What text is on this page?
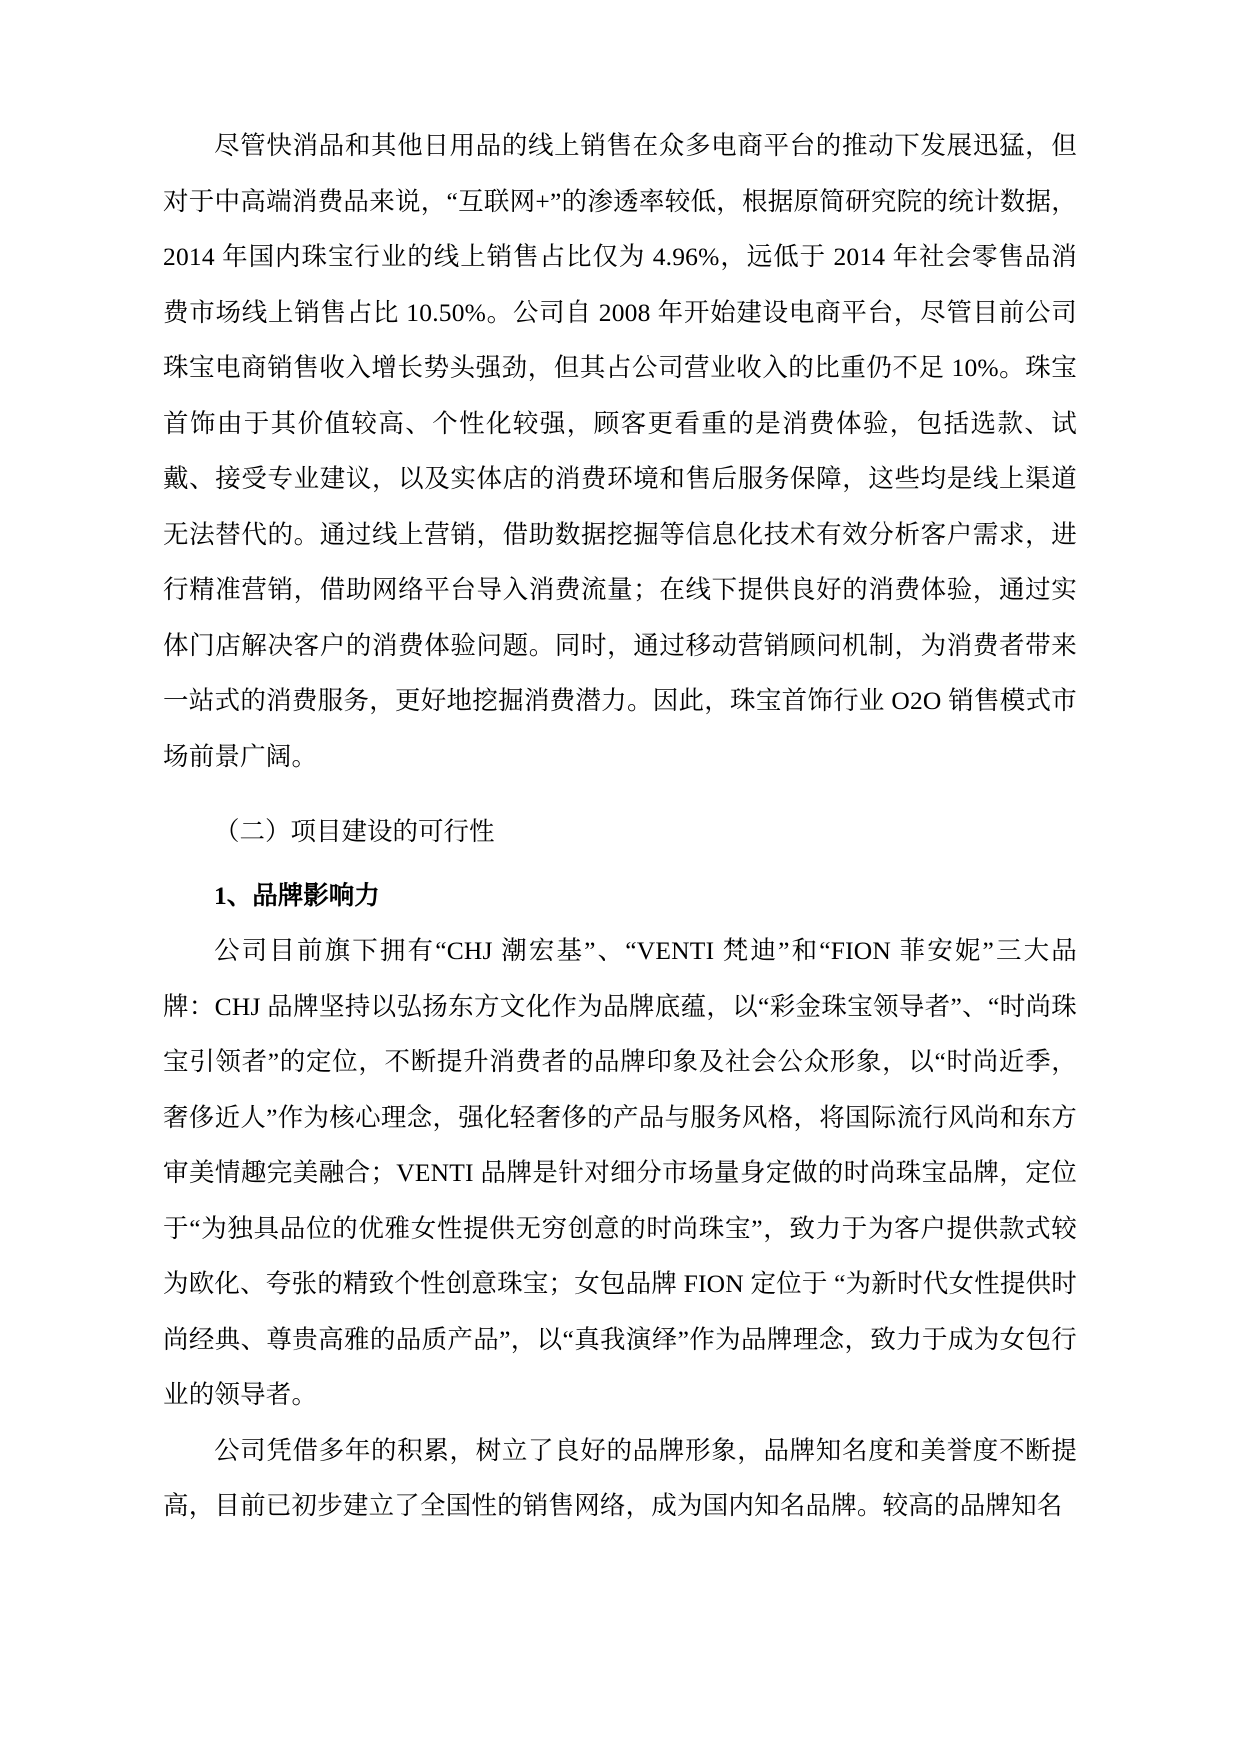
尽管快消品和其他日用品的线上销售在众多电商平台的推动下发展迅猛，但对于中高端消费品来说，“互联网+”的渗透率较低，根据原简研究院的统计数据，2014 年国内珠宝行业的线上销售占比仅为 4.96%，远低于 2014 年社会零售品消费市场线上销售占比 10.50%。公司自 2008 年开始建设电商平台，尽管目前公司珠宝电商销售收入增长势头强劲，但其占公司营业收入的比重仍不足 10%。珠宝首饰由于其价值较高、个性化较强，顾客更看重的是消费体验，包括选款、试戴、接受专业建议，以及实体店的消费环境和售后服务保障，这些均是线上渠道无法替代的。通过线上营销，借助数据挖掘等信息化技术有效分析客户需求，进行精准营销，借助网络平台导入消费流量；在线下提供良好的消费体验，通过实体门店解决客户的消费体验问题。同时，通过移动营销顾问机制，为消费者带来一站式的消费服务，更好地挖掘消费潜力。因此，珠宝首饰行业 O2O 销售模式市场前景广阔。

（二）项目建设的可行性
1、品牌影响力

公司目前旗下拥有“CHJ 潮宏基”、“VENTI 梵迪”和“FION 菲安妮”三大品牌：CHJ 品牌坚持以弘扬东方文化作为品牌底蕴，以“彩金珠宝领导者”、“时尚珠宝引领者”的定位，不断提升消费者的品牌印象及社会公众形象，以“时尚近季，奢侈近人”作为核心理念，强化轻奢侈的产品与服务风格，将国际流行风尚和东方审美情趣完美融合；VENTI 品牌是针对细分市场量身定做的时尚珠宝品牌，定位于“为独具品位的优雅女性提供无穷创意的时尚珠宝”，致力于为客户提供款式较为欧化、夸张的精致个性创意珠宝；女包品牌 FION 定位于 “为新时代女性提供时尚经典、尊贵高雅的品质产品”，以“真我演绎”作为品牌理念，致力于成为女包行业的领导者。

公司凭借多年的积累，树立了良好的品牌形象，品牌知名度和美誉度不断提高，目前已初步建立了全国性的销售网络，成为国内知名品牌。较高的品牌知名
